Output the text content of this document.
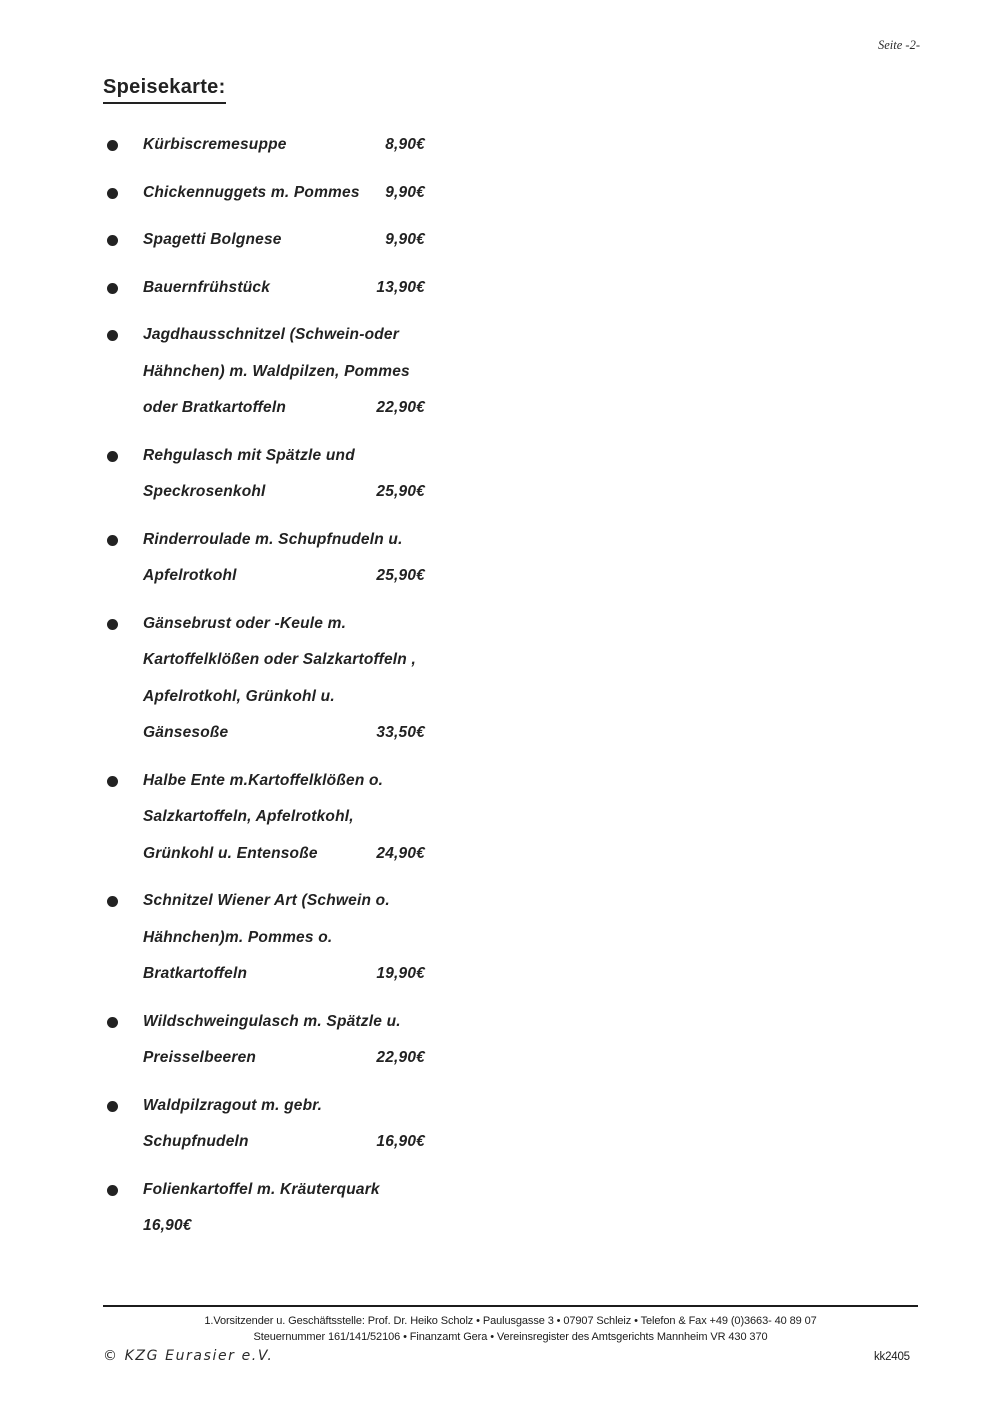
Seite -2-
Speisekarte:
Kürbiscremesuppe	8,90€
Chickennuggets m. Pommes 9,90€
Spagetti Bolgnese	9,90€
Bauernfrühstück	13,90€
Jagdhausschnitzel (Schwein-oder
Hähnchen) m. Waldpilzen, Pommes
oder Bratkartoffeln	22,90€
Rehgulasch mit Spätzle und
Speckrosenkohl	25,90€
Rinderroulade m. Schupfnudeln u.
Apfelrotkohl	25,90€
Gänsebrust oder -Keule m.
Kartoffelklößen oder Salzkartoffeln ,
Apfelrotkohl, Grünkohl u.
Gänsesoße	33,50€
Halbe Ente m.Kartoffelklößen o.
Salzkartoffeln, Apfelrotkohl,
Grünkohl u. Entensoße	24,90€
Schnitzel Wiener Art (Schwein o.
Hähnchen)m. Pommes o.
Bratkartoffeln	19,90€
Wildschweingulasch m. Spätzle u.
Preisselbeeren	22,90€
Waldpilzragout m. gebr.
Schupfnudeln	16,90€
Folienkartoffel m. Kräuterquark
16,90€
1.Vorsitzender u. Geschäftsstelle: Prof. Dr. Heiko Scholz • Paulusgasse 3 • 07907 Schleiz • Telefon & Fax +49 (0)3663- 40 89 07
Steuernummer 161/141/52106 • Finanzamt Gera • Vereinsregister des Amtsgerichts Mannheim VR 430 370
© KZG Eurasier e.V.	kk2405
